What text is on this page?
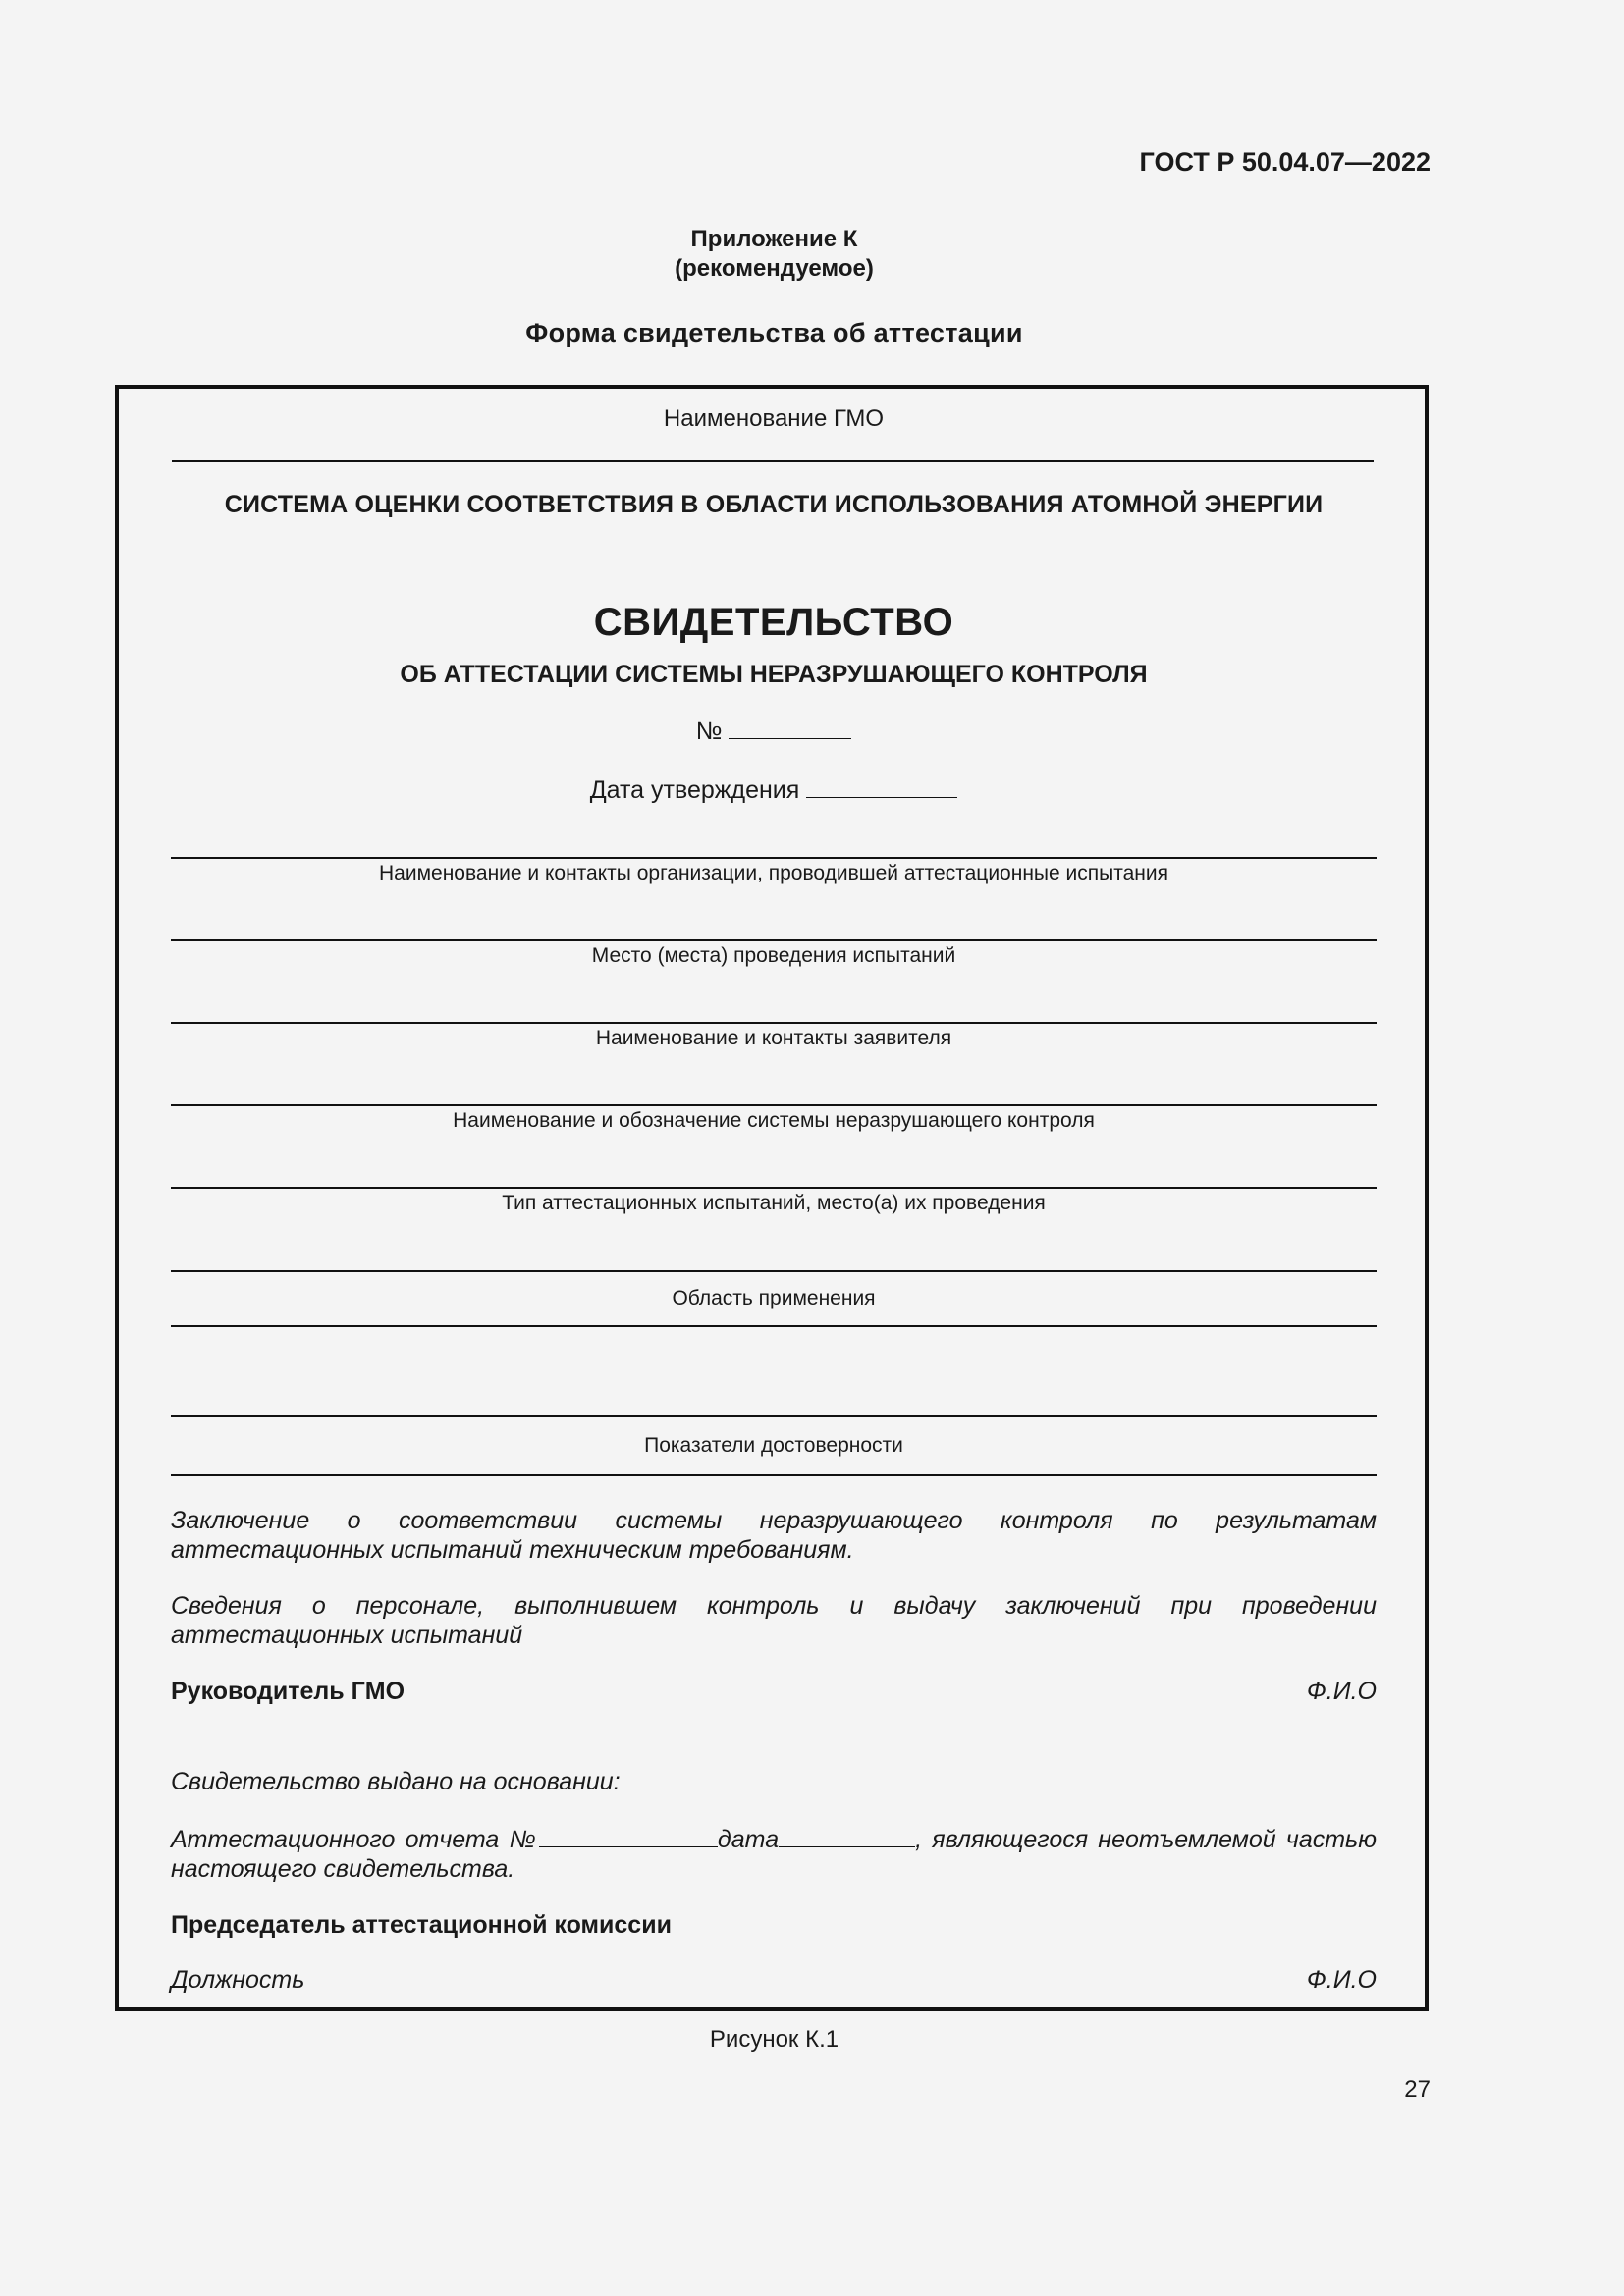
ГОСТ Р 50.04.07—2022
Приложение К
(рекомендуемое)
Форма свидетельства об аттестации
Наименование ГМО
СИСТЕМА ОЦЕНКИ СООТВЕТСТВИЯ В ОБЛАСТИ ИСПОЛЬЗОВАНИЯ АТОМНОЙ ЭНЕРГИИ
СВИДЕТЕЛЬСТВО
ОБ АТТЕСТАЦИИ СИСТЕМЫ НЕРАЗРУШАЮЩЕГО КОНТРОЛЯ
№
Дата утверждения
Наименование и контакты организации, проводившей аттестационные испытания
Место (места) проведения испытаний
Наименование и контакты заявителя
Наименование и обозначение системы неразрушающего контроля
Тип аттестационных испытаний, место(а) их проведения
Область применения
Показатели достоверности
Заключение о соответствии системы неразрушающего контроля по результатам аттестационных испытаний техническим требованиям.
Сведения о персонале, выполнившем контроль и выдачу заключений при проведении аттестационных испытаний
Руководитель ГМО	Ф.И.О
Свидетельство выдано на основании:
Аттестационного отчета №	дата	, являющегося неотъемлемой частью настоящего свидетельства.
Председатель аттестационной комиссии
Должность	Ф.И.О
Рисунок К.1
27
